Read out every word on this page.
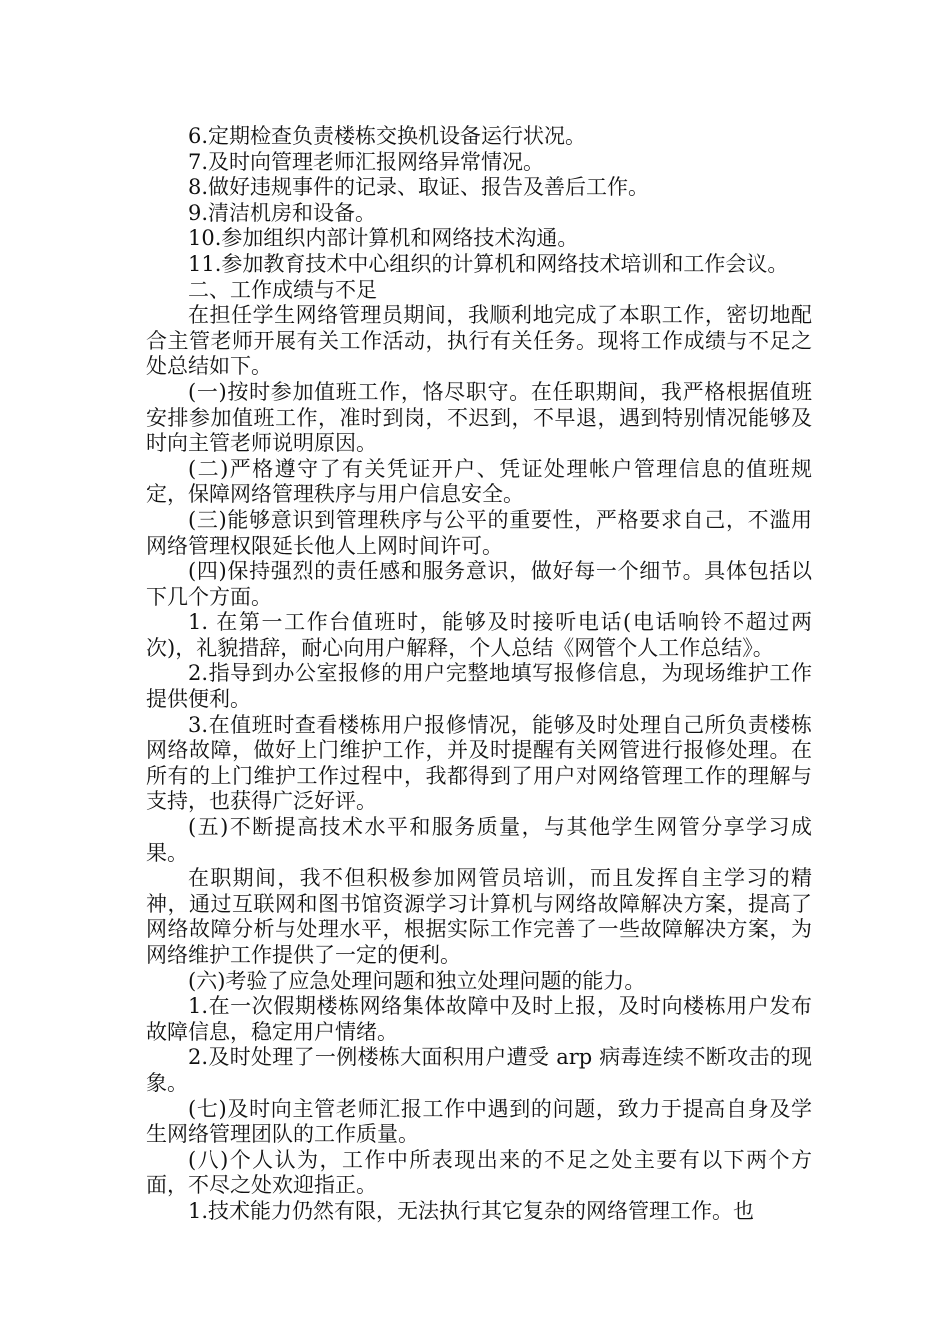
6.定期检查负责楼栋交换机设备运行状况。

7.及时向管理老师汇报网络异常情况。

8.做好违规事件的记录、取证、报告及善后工作。

9.清洁机房和设备。

10.参加组织内部计算机和网络技术沟通。

11.参加教育技术中心组织的计算机和网络技术培训和工作会议。

二、工作成绩与不足

在担任学生网络管理员期间，我顺利地完成了本职工作，密切地配合主管老师开展有关工作活动，执行有关任务。现将工作成绩与不足之处总结如下。

(一)按时参加值班工作，恪尽职守。在任职期间，我严格根据值班安排参加值班工作，准时到岗，不迟到，不早退，遇到特别情况能够及时向主管老师说明原因。

(二)严格遵守了有关凭证开户、凭证处理帐户管理信息的值班规定，保障网络管理秩序与用户信息安全。

(三)能够意识到管理秩序与公平的重要性，严格要求自己，不滥用网络管理权限延长他人上网时间许可。

(四)保持强烈的责任感和服务意识，做好每一个细节。具体包括以下几个方面。

1. 在第一工作台值班时，能够及时接听电话(电话响铃不超过两次)，礼貌措辞，耐心向用户解释，个人总结《网管个人工作总结》。

2.指导到办公室报修的用户完整地填写报修信息，为现场维护工作提供便利。

3.在值班时查看楼栋用户报修情况，能够及时处理自己所负责楼栋网络故障，做好上门维护工作，并及时提醒有关网管进行报修处理。在所有的上门维护工作过程中，我都得到了用户对网络管理工作的理解与支持，也获得广泛好评。

(五)不断提高技术水平和服务质量，与其他学生网管分享学习成果。

在职期间，我不但积极参加网管员培训，而且发挥自主学习的精神，通过互联网和图书馆资源学习计算机与网络故障解决方案，提高了网络故障分析与处理水平，根据实际工作完善了一些故障解决方案，为网络维护工作提供了一定的便利。

(六)考验了应急处理问题和独立处理问题的能力。

1.在一次假期楼栋网络集体故障中及时上报，及时向楼栋用户发布故障信息，稳定用户情绪。

2.及时处理了一例楼栋大面积用户遭受 arp 病毒连续不断攻击的现象。

(七)及时向主管老师汇报工作中遇到的问题，致力于提高自身及学生网络管理团队的工作质量。

(八)个人认为，工作中所表现出来的不足之处主要有以下两个方面，不尽之处欢迎指正。

1.技术能力仍然有限，无法执行其它复杂的网络管理工作。也
